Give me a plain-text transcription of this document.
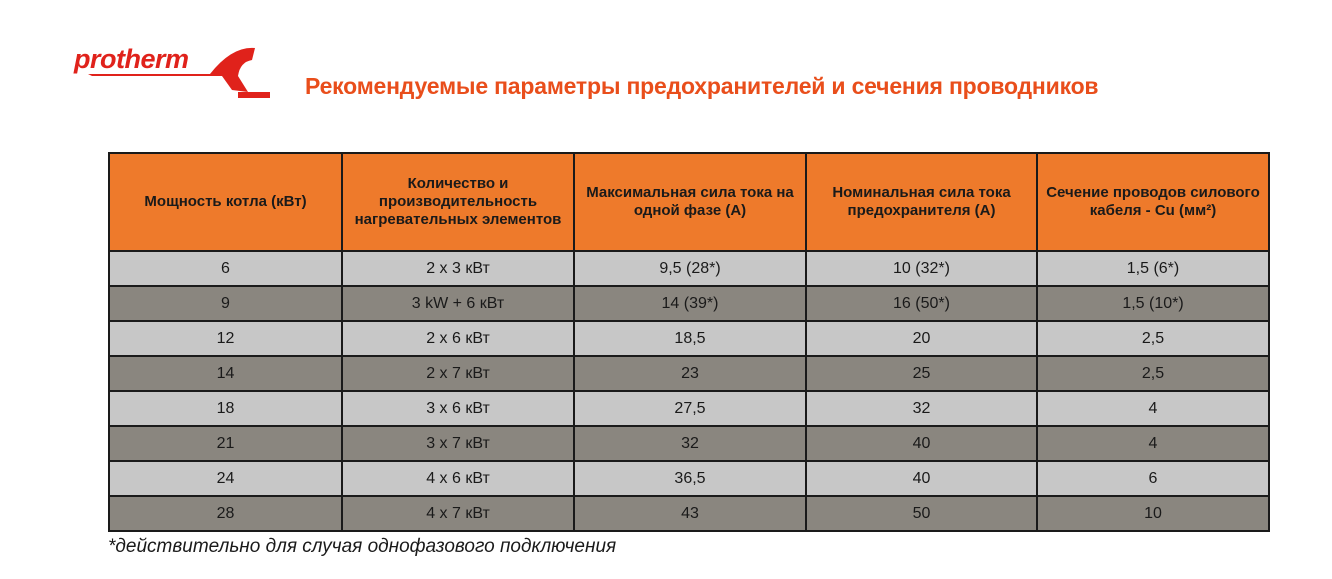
protherm
Рекомендуемые параметры предохранителей и сечения проводников
Мощность котла (кВт)	Количество и производительность нагревательных элементов	Максимальная сила тока на одной фазе (А)	Номинальная сила тока предохранителя (А)	Сечение проводов силового кабеля - Cu (мм²)
6	2 x 3 кВт	9,5 (28*)	10 (32*)	1,5 (6*)
9	3 kW + 6 кВт	14 (39*)	16 (50*)	1,5 (10*)
12	2 x 6 кВт	18,5	20	2,5
14	2 x 7 кВт	23	25	2,5
18	3 x 6 кВт	27,5	32	4
21	3 x 7 кВт	32	40	4
24	4 x 6 кВт	36,5	40	6
28	4 x 7 кВт	43	50	10
*действительно для случая однофазового подключения
